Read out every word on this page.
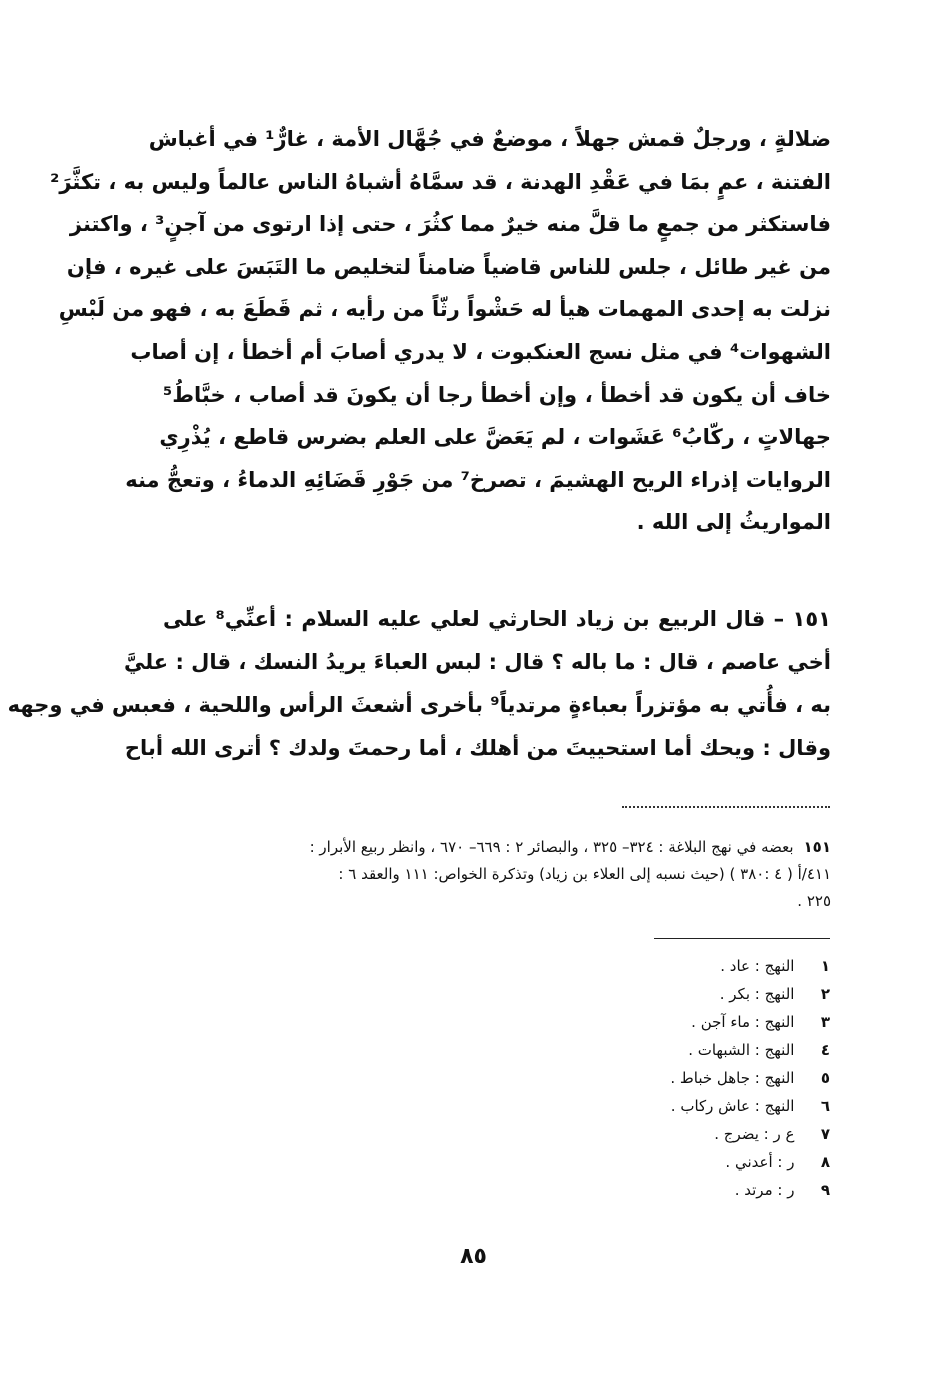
ضلالةٍ ، ورجلٌ قمش جهلاً ، موضعٌ في جُهَّال الأمة ، غارٌّ¹ في أغباش
الفتنة ، عمٍ بمَا في عَقْدِ الهدنة ، قد سمَّاهُ أشباهُ الناس عالماً وليس به ، تكثَّرَ²
فاستكثر من جمعٍ ما قلَّ منه خيرٌ مما كثُرَ ، حتى إذا ارتوى من آجنٍ³ ، واكتنز
من غير طائل ، جلس للناس قاضياً ضامناً لتخليص ما التَبَسَ على غيره ، فإن
نزلت به إحدى المهمات هيأ له حَشْواً رثّاً من رأيه ، ثم قَطَعَ به ، فهو من لَبْسِ
الشهوات⁴ في مثل نسج العنكبوت ، لا يدري أصابَ أم أخطأ ، إن أصاب
خاف أن يكون قد أخطأ ، وإن أخطأ رجا أن يكونَ قد أصاب ، خبَّاطُ⁵
جهالاتٍ ، ركّابُ⁶ عَشَوات ، لم يَعَضَّ على العلم بضرس قاطع ، يُذْرِي
الروايات إذراء الريح الهشيمَ ، تصرخ⁷ من جَوْرِ قَضَائِهِ الدماءُ ، وتعجُّ منه
المواريثُ إلى الله .
١٥١ – قال الربيع بن زياد الحارثي لعلي عليه السلام : أعنِّي⁸ على
أخي عاصم ، قال : ما باله ؟ قال : لبس العباءَ يريدُ النسك ، قال : عليَّ
به ، فأُتي به مؤتزراً بعباءةٍ مرتدياً⁹ بأخرى أشعثَ الرأس واللحية ، فعبس في وجهه
وقال : ويحك أما استحييتَ من أهلك ، أما رحمتَ ولدك ؟ أترى الله أباح
١٥١بعضه في نهج البلاغة : ٣٢٤– ٣٢٥ ، والبصائر ٢ : ٦٦٩– ٦٧٠ ، وانظر ربيع الأبرار :
٤١١/أ ( ٤ :٣٨٠ ) (حيث نسبه إلى العلاء بن زياد) وتذكرة الخواص: ١١١ والعقد ٦ :
٢٢٥ .
١  النهج : عاد .
٢  النهج : بكر .
٣  النهج : ماء آجن .
٤  النهج : الشبهات .
٥  النهج : جاهل خباط .
٦  النهج : عاش ركاب .
٧  ع ر : يضرج .
٨  ر : أعدني .
٩  ر : مرتد .
٨٥
